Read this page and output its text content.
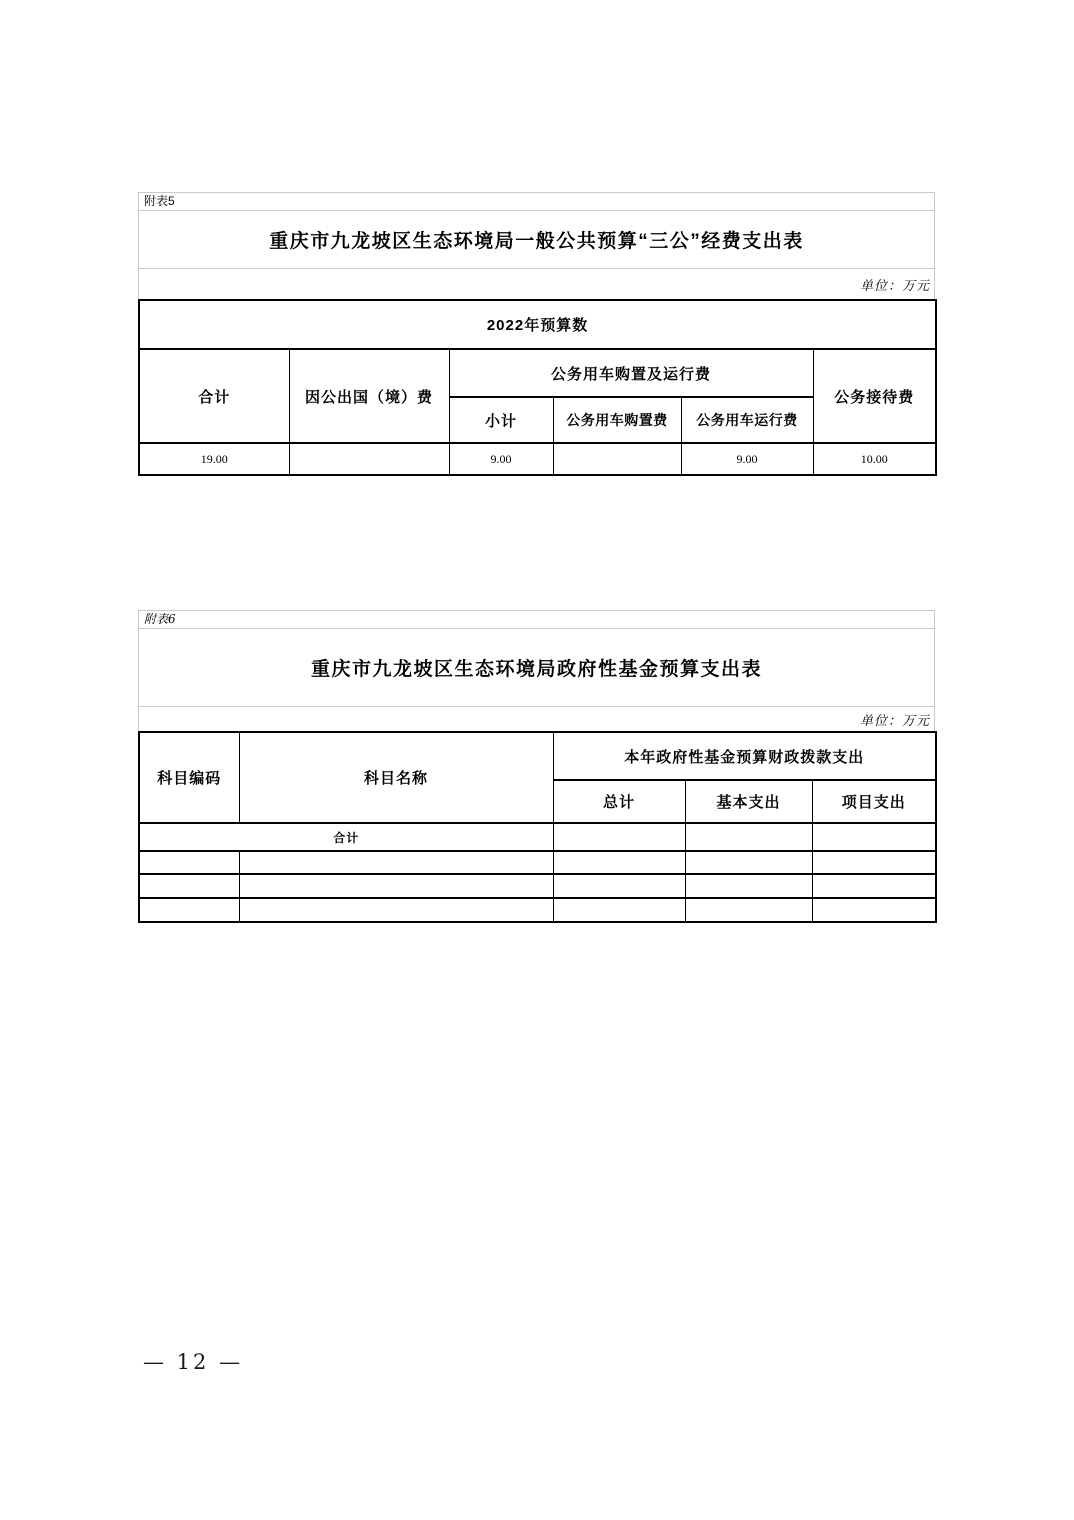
附表5
重庆市九龙坡区生态环境局一般公共预算“三公”经费支出表
单位：万元
2022年预算数					
合计	因公出国（境）费	公务用车购置及运行费			公务接待费
		小计	公务用车购置费	公务用车运行费	
19.00		9.00		9.00	10.00
附表6
重庆市九龙坡区生态环境局政府性基金预算支出表
单位：万元
科目编码	科目名称	本年政府性基金预算财政拨款支出		
		总计	基本支出	项目支出
合计				

— 12 —
